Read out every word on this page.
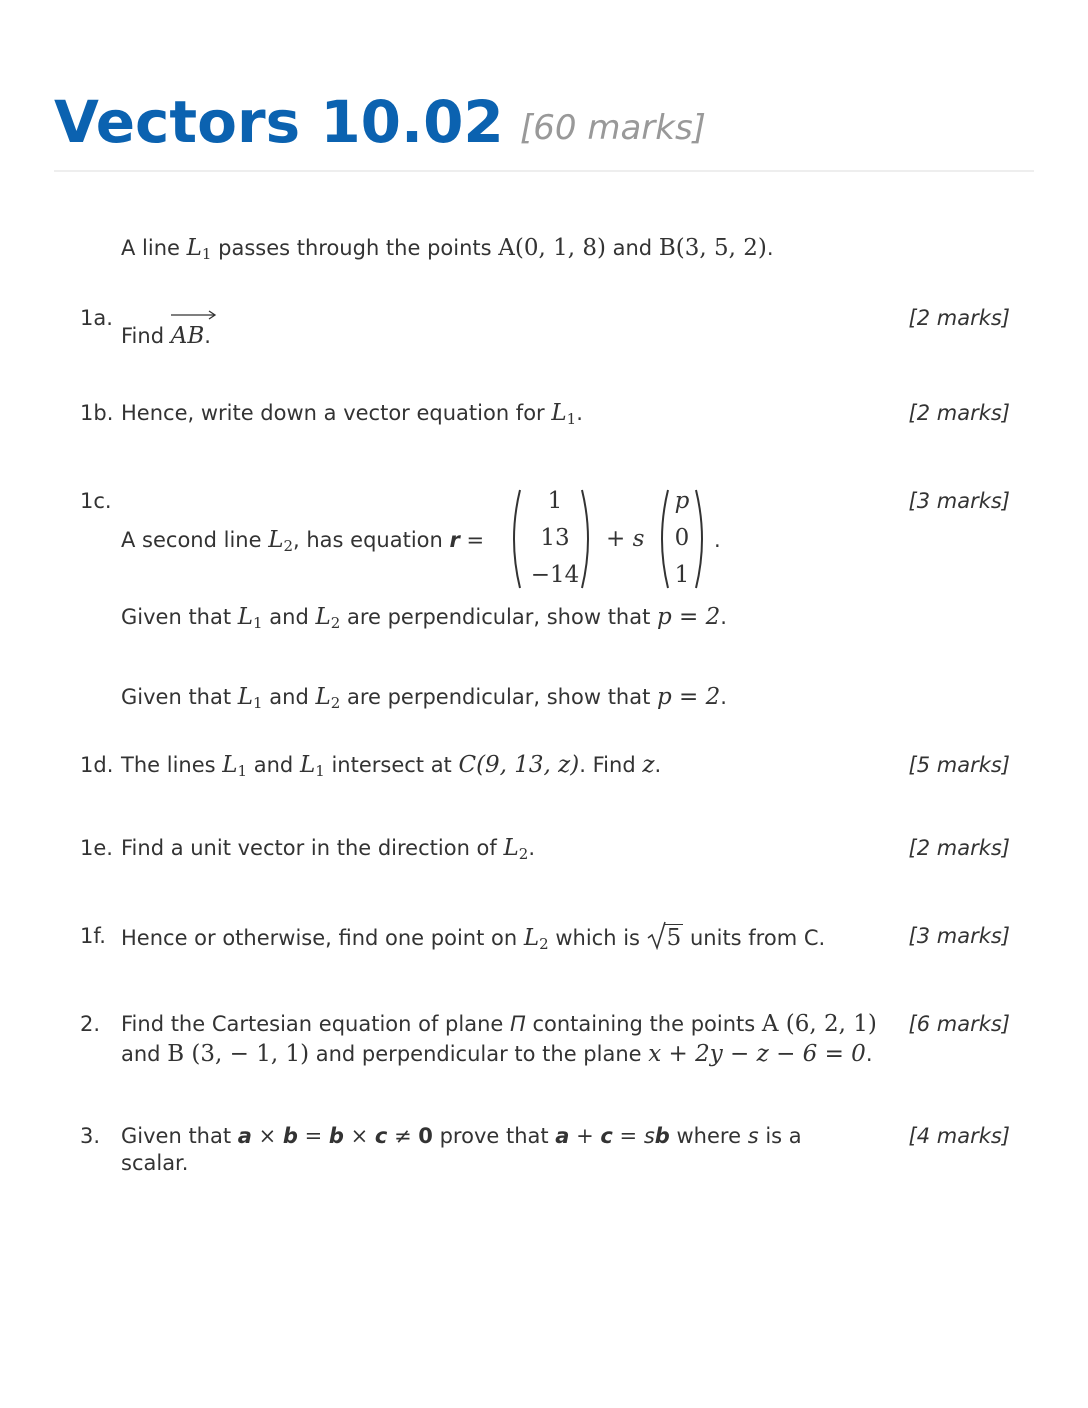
Vectors 10.02 [60 marks]
A line $L_1$ passes through the points A(0, 1, 8) and B(3, 5, 2).
1a.
Find
AB.
[2 marks]
1b. Hence, write down a vector equation for $L_1$.	[2 marks]
1c.
A second line $L_2$, has equation r =
1
13
−14
+ s
p
0
1
.
[3 marks]
Given that $L_1$ and $L_2$ are perpendicular, show that p = 2.
Given that $L_1$ and $L_2$ are perpendicular, show that p = 2.
1d. The lines $L_1$ and $L_1$ intersect at C(9, 13, z). Find z.	[5 marks]
1e. Find a unit vector in the direction of $L_2$.	[2 marks]
1f. Hence or otherwise, find one point on $L_2$ which is
5 units from C.	[3 marks]
2. Find the Cartesian equation of plane Π containing the points A (6, 2, 1)
and B (3, − 1, 1) and perpendicular to the plane x + 2y − z − 6 = 0.
[6 marks]
3. Given that a × b = b × c ≠ 0 prove that a + c = sb where s is a
scalar.
[4 marks]
